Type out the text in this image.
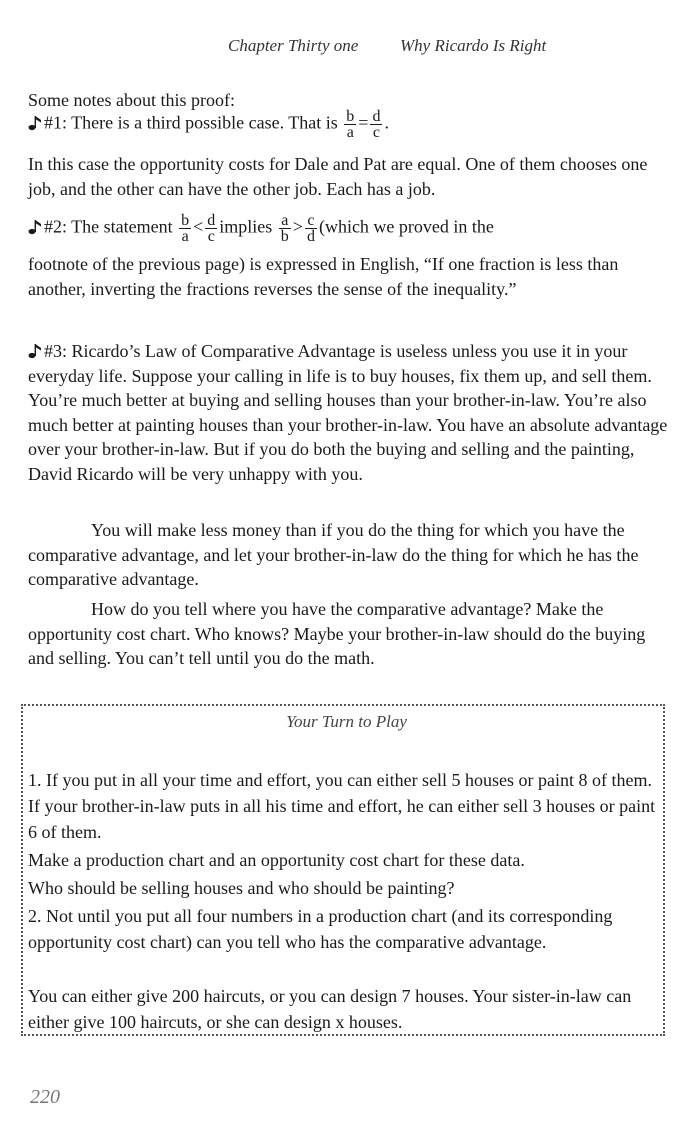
Chapter Thirty one Why Ricardo Is Right
Some notes about this proof:
#1: There is a third possible case. That is $\frac{b}{a} = \frac{d}{c}$ .
In this case the opportunity costs for Dale and Pat are equal. One of them chooses one job, and the other can have the other job. Each has a job.
#2: The statement $\frac{b}{a} < \frac{d}{c}$ implies $\frac{a}{b} > \frac{c}{d}$ (which we proved in the
footnote of the previous page) is expressed in English, “If one fraction is less than another, inverting the fractions reverses the sense of the inequality.”
#3: Ricardo’s Law of Comparative Advantage is useless unless you use it in your everyday life. Suppose your calling in life is to buy houses, fix them up, and sell them. You’re much better at buying and selling houses than your brother-in-law. You’re also much better at painting houses than your brother-in-law. You have an absolute advantage over your brother-in-law. But if you do both the buying and selling and the painting, David Ricardo will be very unhappy with you.
You will make less money than if you do the thing for which you have the comparative advantage, and let your brother-in-law do the thing for which he has the comparative advantage.
How do you tell where you have the comparative advantage? Make the opportunity cost chart. Who knows? Maybe your brother-in-law should do the buying and selling. You can’t tell until you do the math.
Your Turn to Play
1. If you put in all your time and effort, you can either sell 5 houses or paint 8 of them. If your brother-in-law puts in all his time and effort, he can either sell 3 houses or paint 6 of them.
Make a production chart and an opportunity cost chart for these data.
Who should be selling houses and who should be painting?
2. Not until you put all four numbers in a production chart (and its corresponding opportunity cost chart) can you tell who has the comparative advantage.
You can either give 200 haircuts, or you can design 7 houses. Your sister-in-law can either give 100 haircuts, or she can design x houses.
220
